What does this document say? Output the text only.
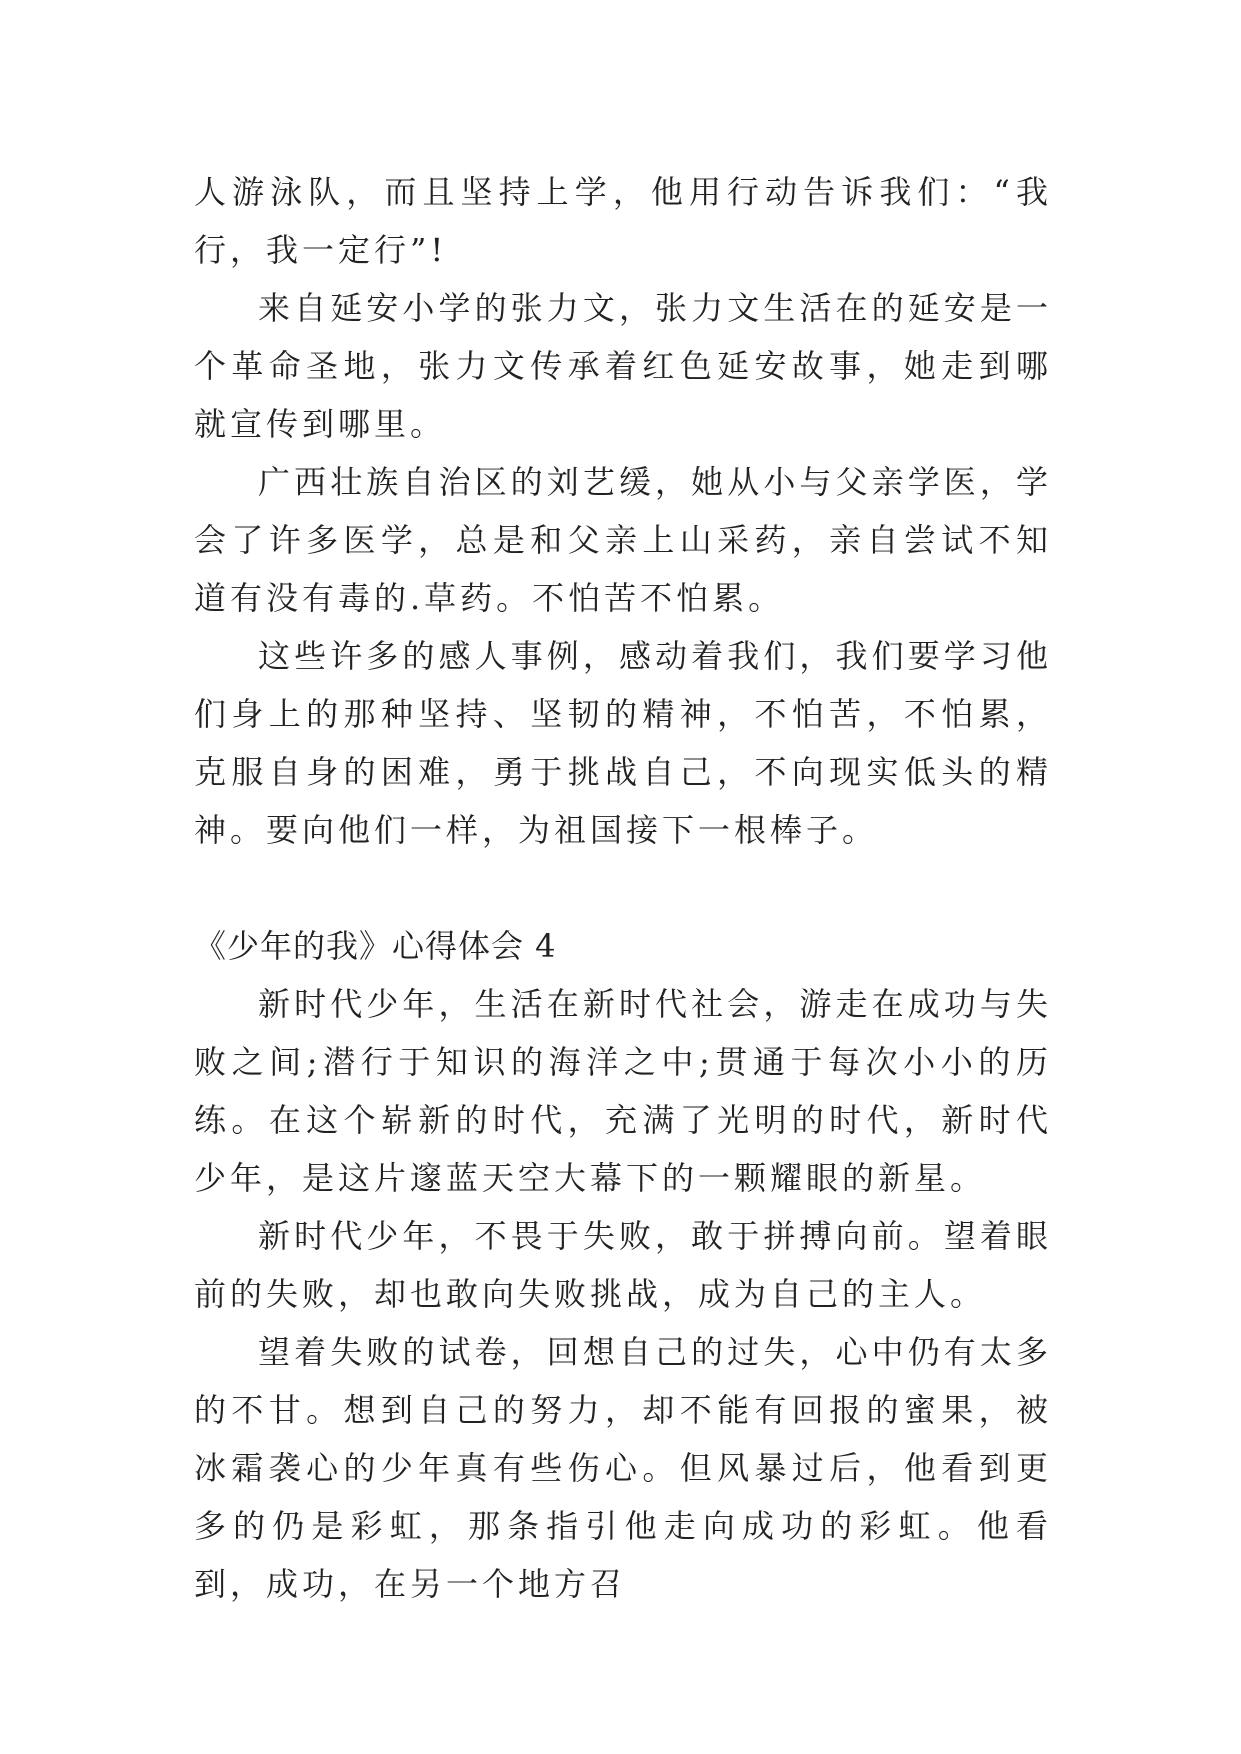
人游泳队，而且坚持上学，他用行动告诉我们：“我行，我一定行”!

来自延安小学的张力文，张力文生活在的延安是一个革命圣地，张力文传承着红色延安故事，她走到哪就宣传到哪里。

广西壮族自治区的刘艺缓，她从小与父亲学医，学会了许多医学，总是和父亲上山采药，亲自尝试不知道有没有毒的.草药。不怕苦不怕累。

这些许多的感人事例，感动着我们，我们要学习他们身上的那种坚持、坚韧的精神，不怕苦，不怕累，克服自身的困难，勇于挑战自己，不向现实低头的精神。要向他们一样，为祖国接下一根棒子。

《少年的我》心得体会 4

新时代少年，生活在新时代社会，游走在成功与失败之间;潜行于知识的海洋之中;贯通于每次小小的历练。在这个崭新的时代，充满了光明的时代，新时代少年，是这片邃蓝天空大幕下的一颗耀眼的新星。

新时代少年，不畏于失败，敢于拼搏向前。望着眼前的失败，却也敢向失败挑战，成为自己的主人。

望着失败的试卷，回想自己的过失，心中仍有太多的不甘。想到自己的努力，却不能有回报的蜜果，被冰霜袭心的少年真有些伤心。但风暴过后，他看到更多的仍是彩虹，那条指引他走向成功的彩虹。他看到，成功，在另一个地方召
